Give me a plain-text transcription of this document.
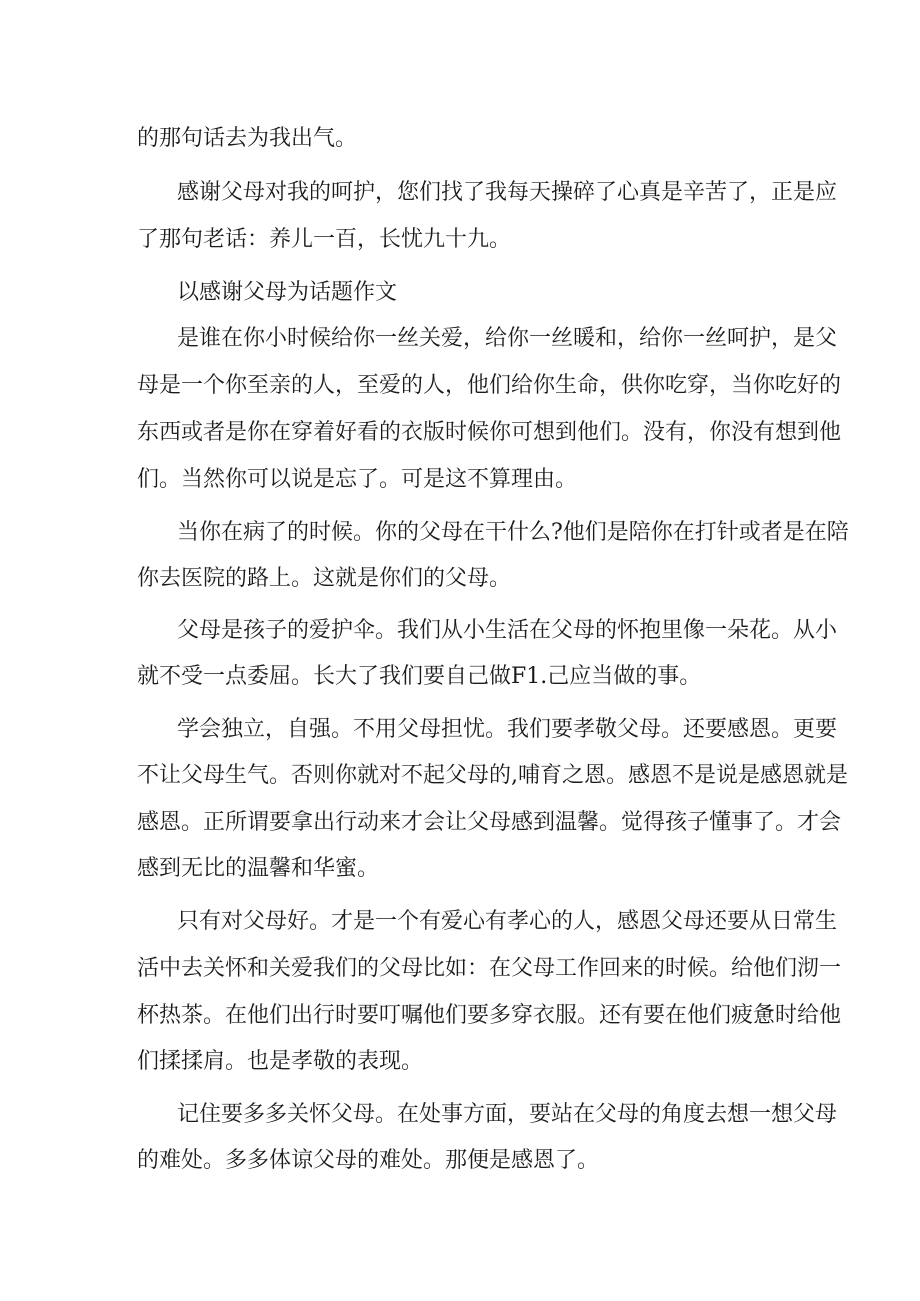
的那句话去为我出气。
感谢父母对我的呵护，您们找了我每天操碎了心真是辛苦了，正是应
了那句老话：养儿一百，长忧九十九。
以感谢父母为话题作文
是谁在你小时候给你一丝关爱，给你一丝暖和，给你一丝呵护，是父
母是一个你至亲的人，至爱的人，他们给你生命，供你吃穿，当你吃好的
东西或者是你在穿着好看的衣版时候你可想到他们。没有，你没有想到他
们。当然你可以说是忘了。可是这不算理由。
当你在病了的时候。你的父母在干什么?他们是陪你在打针或者是在陪
你去医院的路上。这就是你们的父母。
父母是孩子的爱护伞。我们从小生活在父母的怀抱里像一朵花。从小
就不受一点委屈。长大了我们要自己做F1.己应当做的事。
学会独立，自强。不用父母担忧。我们要孝敬父母。还要感恩。更要
不让父母生气。否则你就对不起父母的,哺育之恩。感恩不是说是感恩就是
感恩。正所谓要拿出行动来才会让父母感到温馨。觉得孩子懂事了。才会
感到无比的温馨和华蜜。
只有对父母好。才是一个有爱心有孝心的人，感恩父母还要从日常生
活中去关怀和关爱我们的父母比如：在父母工作回来的时候。给他们沏一
杯热茶。在他们出行时要叮嘱他们要多穿衣服。还有要在他们疲惫时给他
们揉揉肩。也是孝敬的表现。
记住要多多关怀父母。在处事方面，要站在父母的角度去想一想父母
的难处。多多体谅父母的难处。那便是感恩了。
